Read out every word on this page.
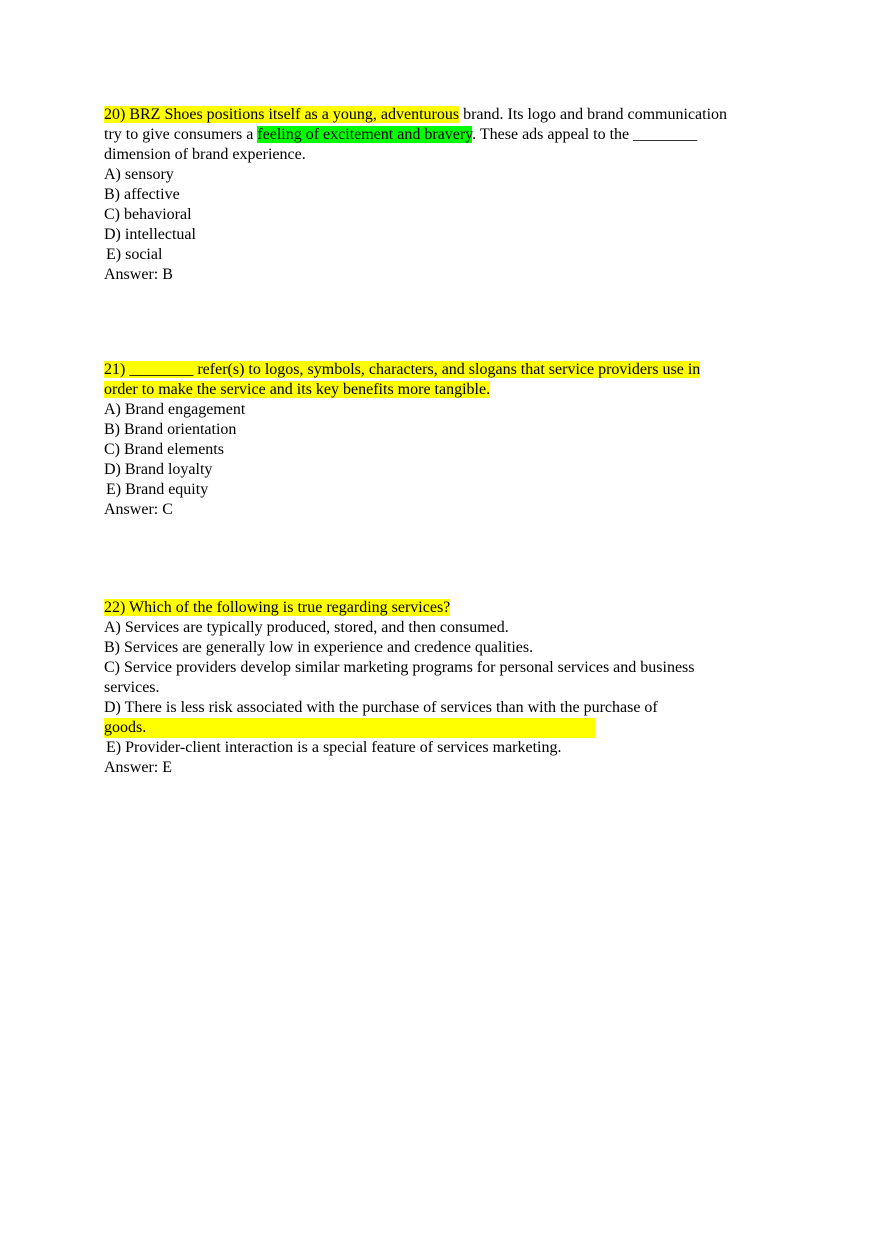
20) BRZ Shoes positions itself as a young, adventurous brand. Its logo and brand communication
try to give consumers a feeling of excitement and bravery. These ads appeal to the ________
dimension of brand experience.
A) sensory
B) affective
C) behavioral
D) intellectual
E) social
Answer: B
21) ________ refer(s) to logos, symbols, characters, and slogans that service providers use in
order to make the service and its key benefits more tangible.
A) Brand engagement
B) Brand orientation
C) Brand elements
D) Brand loyalty
E) Brand equity
Answer: C
22) Which of the following is true regarding services?
A) Services are typically produced, stored, and then consumed.
B) Services are generally low in experience and credence qualities.
C) Service providers develop similar marketing programs for personal services and business
services.
D) There is less risk associated with the purchase of services than with the purchase of
goods.
E) Provider-client interaction is a special feature of services marketing.
Answer: E
